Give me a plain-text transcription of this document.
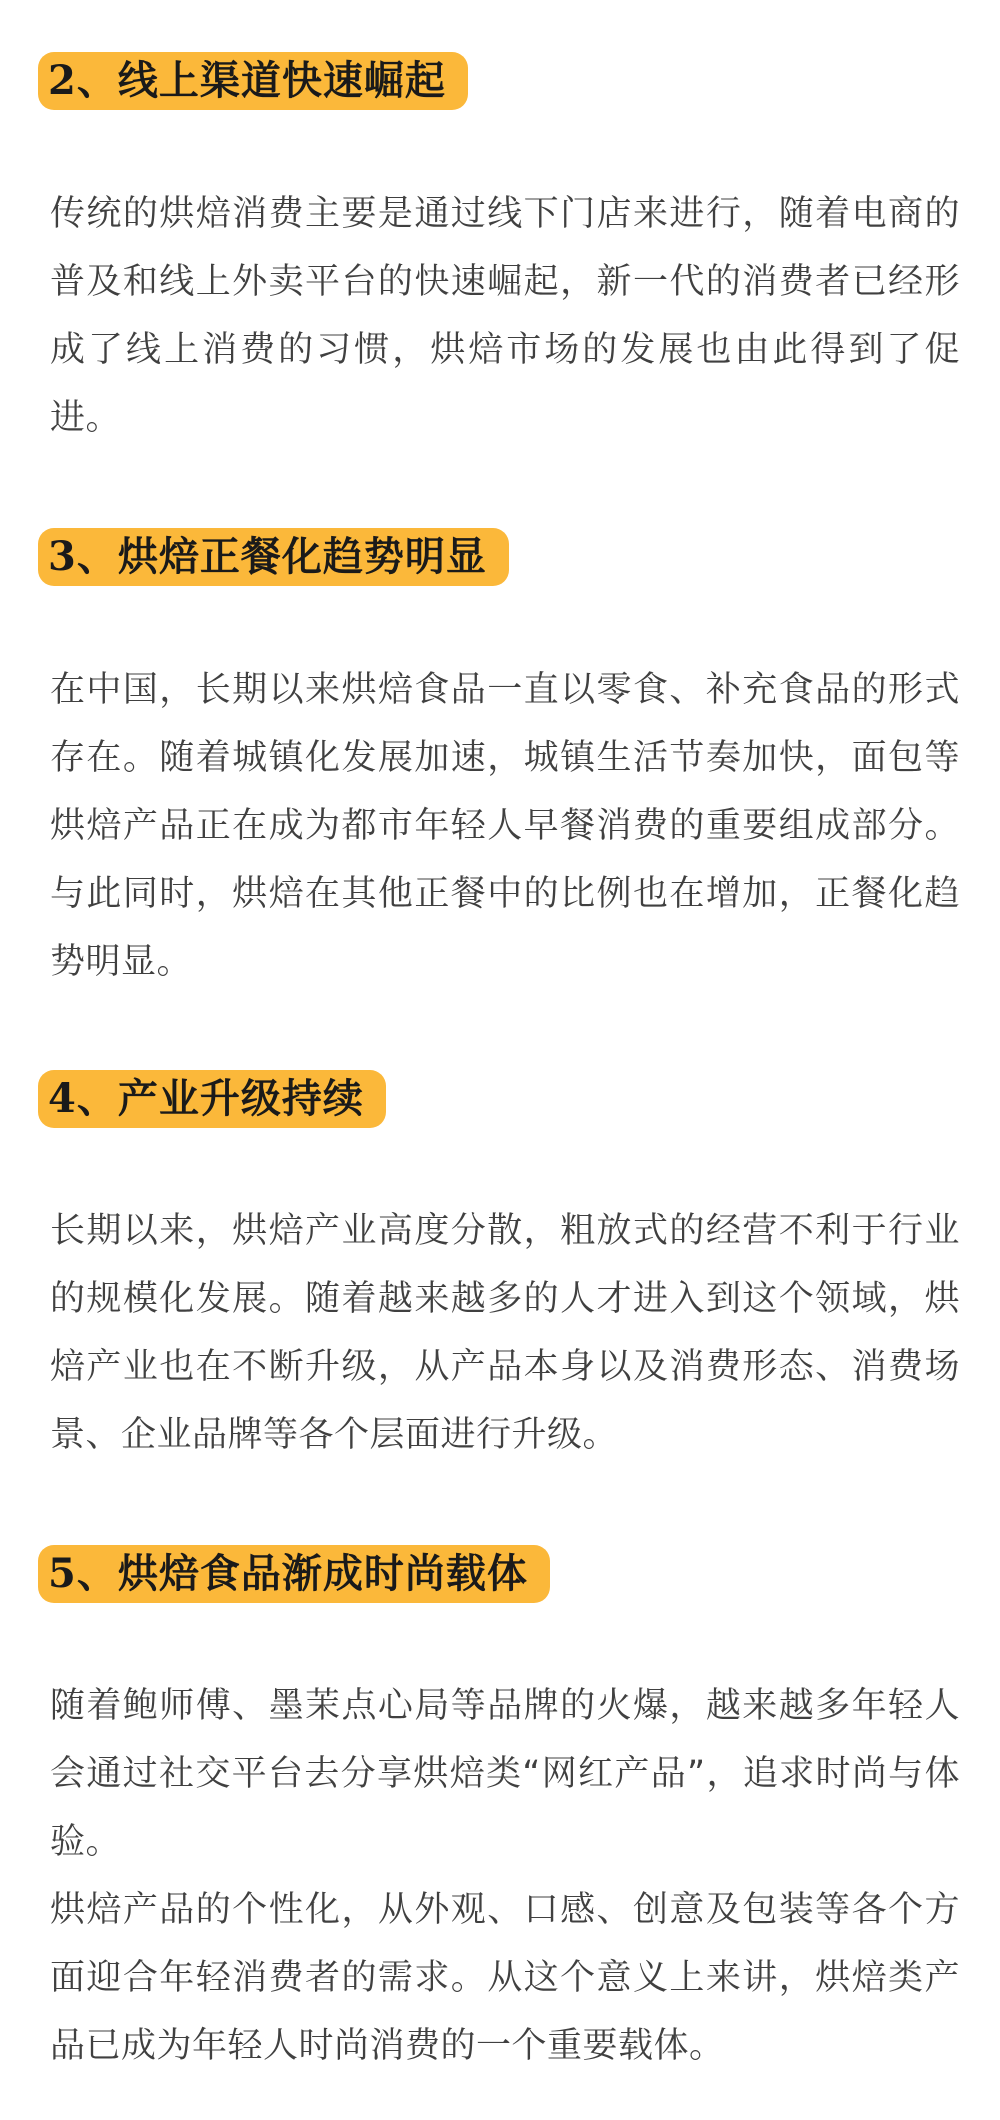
2、线上渠道快速崛起

传统的烘焙消费主要是通过线下门店来进行，随着电商的普及和线上外卖平台的快速崛起，新一代的消费者已经形成了线上消费的习惯，烘焙市场的发展也由此得到了促进。

3、烘焙正餐化趋势明显

在中国，长期以来烘焙食品一直以零食、补充食品的形式存在。随着城镇化发展加速，城镇生活节奏加快，面包等烘焙产品正在成为都市年轻人早餐消费的重要组成部分。与此同时，烘焙在其他正餐中的比例也在增加，正餐化趋势明显。

4、产业升级持续

长期以来，烘焙产业高度分散，粗放式的经营不利于行业的规模化发展。随着越来越多的人才进入到这个领域，烘焙产业也在不断升级，从产品本身以及消费形态、消费场景、企业品牌等各个层面进行升级。

5、烘焙食品渐成时尚载体

随着鲍师傅、墨茉点心局等品牌的火爆，越来越多年轻人会通过社交平台去分享烘焙类“网红产品”，追求时尚与体验。

烘焙产品的个性化，从外观、口感、创意及包装等各个方面迎合年轻消费者的需求。从这个意义上来讲，烘焙类产品已成为年轻人时尚消费的一个重要载体。
